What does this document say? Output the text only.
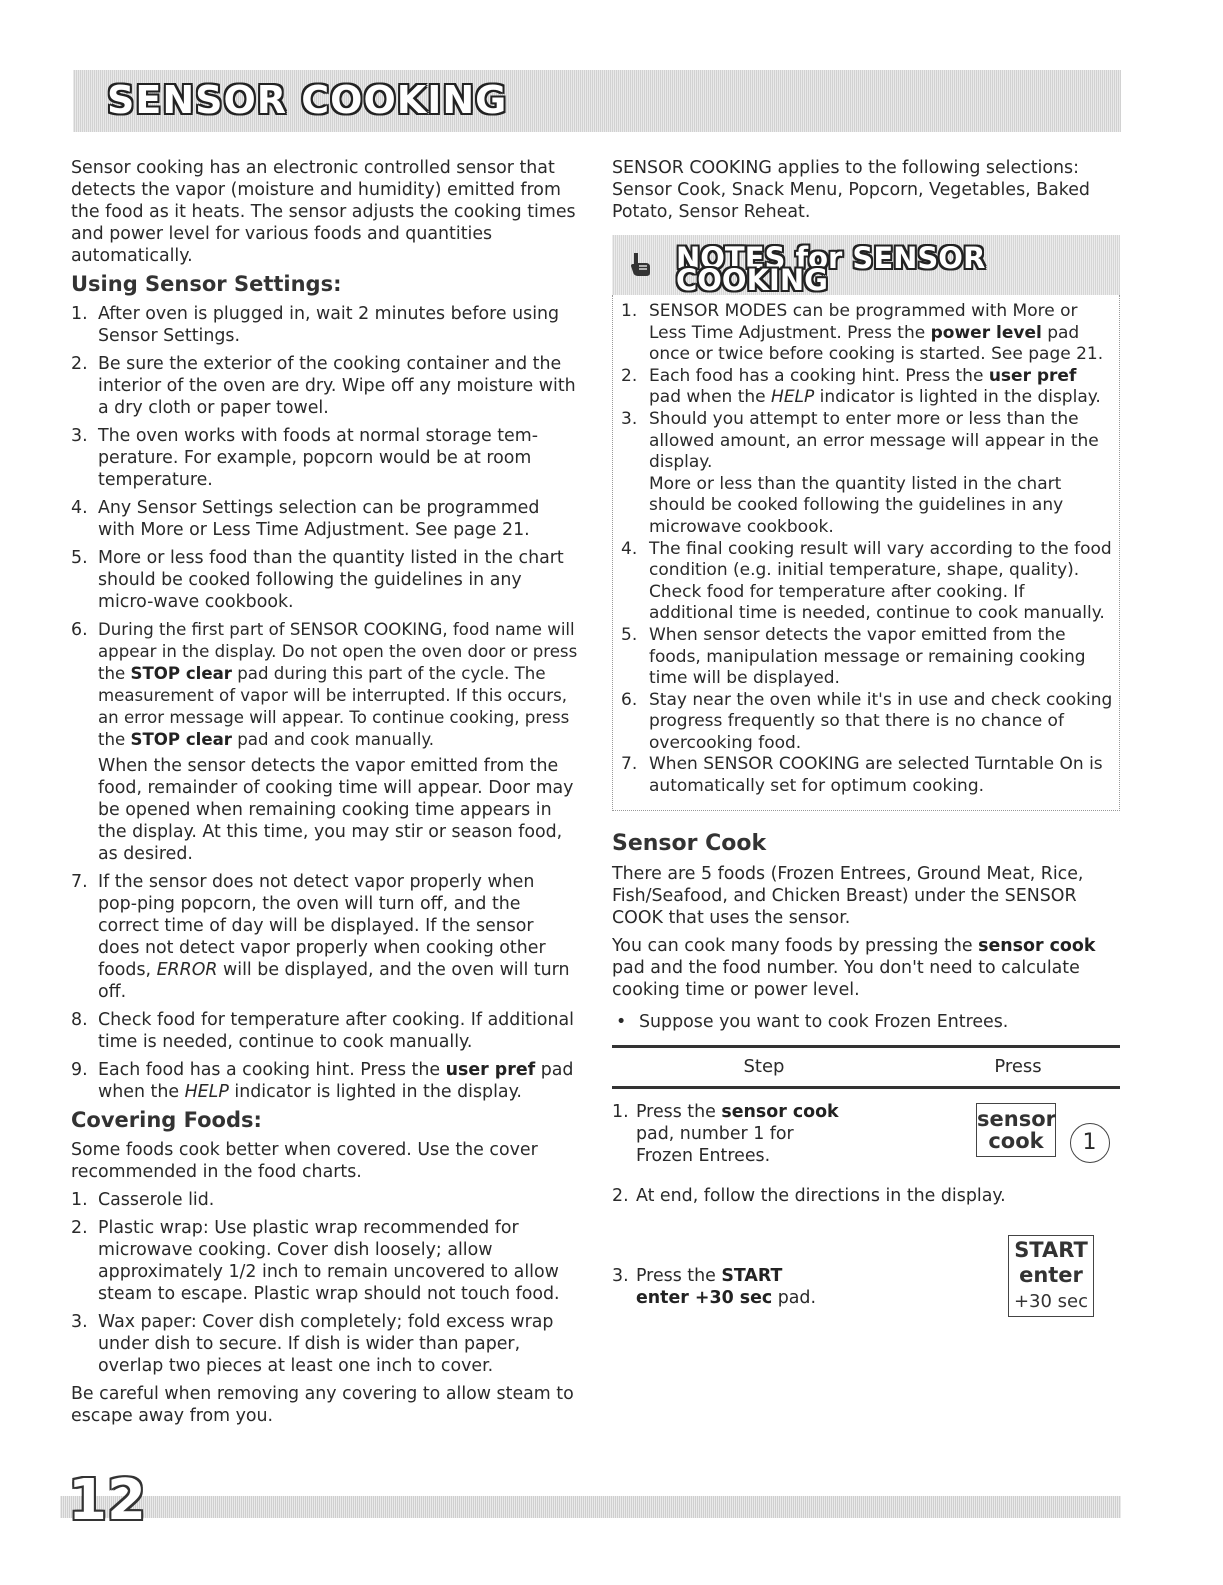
SENSOR COOKING

Sensor cooking has an electronic controlled sensor that detects the vapor (moisture and humidity) emitted from the food as it heats. The sensor adjusts the cooking times and power level for various foods and quantities automatically.

Using Sensor Settings:
1. After oven is plugged in, wait 2 minutes before using Sensor Settings.
2. Be sure the exterior of the cooking container and the interior of the oven are dry. Wipe off any moisture with a dry cloth or paper towel.
3. The oven works with foods at normal storage tem-perature. For example, popcorn would be at room temperature.
4. Any Sensor Settings selection can be programmed with More or Less Time Adjustment. See page 21.
5. More or less food than the quantity listed in the chart should be cooked following the guidelines in any micro-wave cookbook.
6. During the first part of SENSOR COOKING, food name will appear in the display. Do not open the oven door or press the STOP clear pad during this part of the cycle. The measurement of vapor will be interrupted. If this occurs, an error message will appear. To continue cooking, press the STOP clear pad and cook manually.
When the sensor detects the vapor emitted from the food, remainder of cooking time will appear. Door may be opened when remaining cooking time appears in the display. At this time, you may stir or season food, as desired.
7. If the sensor does not detect vapor properly when pop-ping popcorn, the oven will turn off, and the correct time of day will be displayed. If the sensor does not detect vapor properly when cooking other foods, ERROR will be displayed, and the oven will turn off.
8. Check food for temperature after cooking. If additional time is needed, continue to cook manually.
9. Each food has a cooking hint. Press the user pref pad when the HELP indicator is lighted in the display.
Covering Foods:

Some foods cook better when covered. Use the cover recommended in the food charts.

1. Casserole lid.
2. Plastic wrap: Use plastic wrap recommended for microwave cooking. Cover dish loosely; allow approximately 1/2 inch to remain uncovered to allow steam to escape. Plastic wrap should not touch food.
3. Wax paper: Cover dish completely; fold excess wrap under dish to secure. If dish is wider than paper, overlap two pieces at least one inch to cover.

Be careful when removing any covering to allow steam to escape away from you.

SENSOR COOKING applies to the following selections: Sensor Cook, Snack Menu, Popcorn, Vegetables, Baked Potato, Sensor Reheat.

NOTES for SENSOR COOKING
1. SENSOR MODES can be programmed with More or Less Time Adjustment. Press the power level pad once or twice before cooking is started. See page 21.
2. Each food has a cooking hint. Press the user pref pad when the HELP indicator is lighted in the display.
3. Should you attempt to enter more or less than the allowed amount, an error message will appear in the display.
More or less than the quantity listed in the chart should be cooked following the guidelines in any microwave cookbook.
4. The final cooking result will vary according to the food condition (e.g. initial temperature, shape, quality). Check food for temperature after cooking. If additional time is needed, continue to cook manually.
5. When sensor detects the vapor emitted from the foods, manipulation message or remaining cooking time will be displayed.
6. Stay near the oven while it's in use and check cooking progress frequently so that there is no chance of overcooking food.
7. When SENSOR COOKING are selected Turntable On is automatically set for optimum cooking.
Sensor Cook

There are 5 foods (Frozen Entrees, Ground Meat, Rice, Fish/Seafood, and Chicken Breast) under the SENSOR COOK that uses the sensor.

You can cook many foods by pressing the sensor cook pad and the food number. You don't need to calculate cooking time or power level.

• Suppose you want to cook Frozen Entrees.
Step	Press

1. Press the sensor cook
pad, number 1 for
Frozen Entrees.	sensor
cook 1

2. At end, follow the directions in the display.	

3. Press the START
enter +30 sec pad.	START
enter
+30 sec
12
